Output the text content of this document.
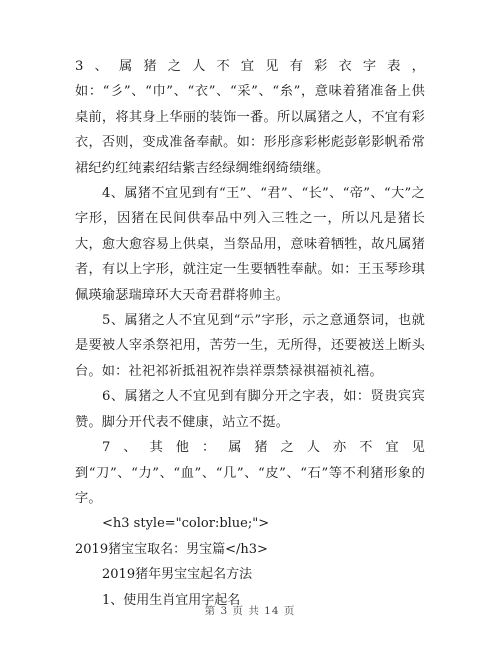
3、属猪之人不宜见有彩衣字表，如：“彡”、“巾”、“衣”、“采”、“糸”，意味着猪准备上供桌前，将其身上华丽的装饰一番。所以属猪之人，不宜有彩衣，否则，变成准备奉献。如：形彤彦彩彬彪彭彰影帆希常裙纪约红纯素绍结紫吉经绿绸维纲绮绩继。

4、属猪不宜见到有“王”、“君”、“长”、“帝”、“大”之字形，因猪在民间供奉品中列入三牲之一，所以凡是猪长大，愈大愈容易上供桌，当祭品用，意味着牺牲，故凡属猪者，有以上字形，就注定一生要牺牲奉献。如：王玉琴珍琪佩瑛瑜瑟瑞璋环大天奇君群将帅主。

5、属猪之人不宜见到“示”字形，示之意通祭词，也就是要被人宰杀祭祀用，苦劳一生，无所得，还要被送上断头台。如：社祀祁祈抵祖祝祚祟祥票禁禄祺福祯礼禧。

6、属猪之人不宜见到有脚分开之字表，如：贤贵宾宾赞。脚分开代表不健康，站立不挺。

7、其他：属猪之人亦不宜见到“刀”、“力”、“血”、“几”、“皮”、“石”等不利猪形象的字。

<h3 style="color:blue;">

2019猪宝宝取名：男宝篇</h3>

2019猪年男宝宝起名方法

1、使用生肖宜用字起名

第 3 页 共 14 页
